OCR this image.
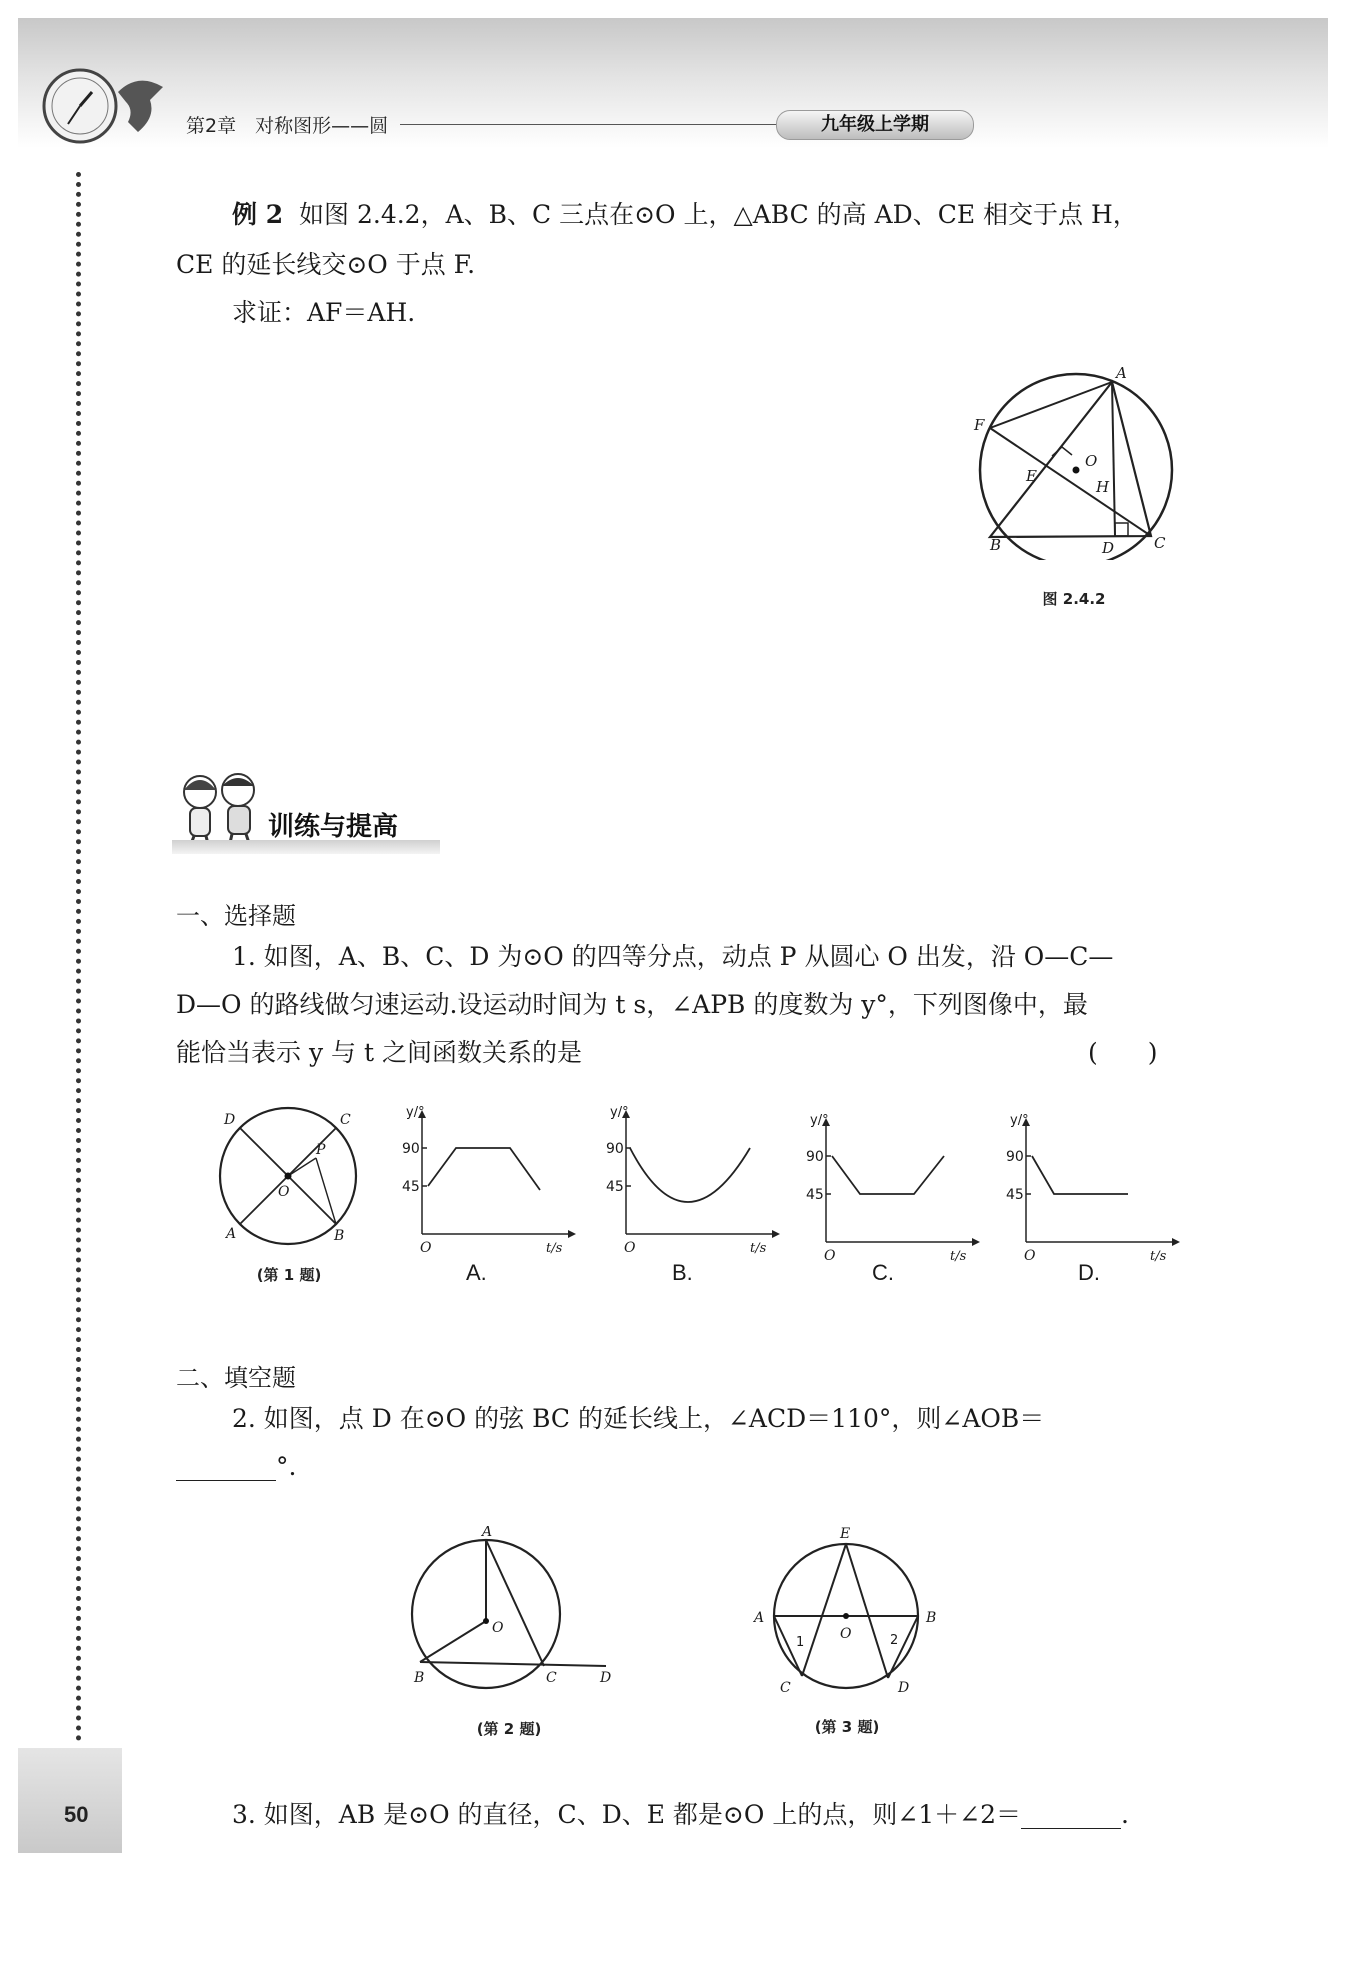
第2章　对称图形——圆	九年级上学期
50
例 2 如图 2.4.2，A、B、C 三点在⊙O 上，△ABC 的高 AD、CE 相交于点 H，
CE 的延长线交⊙O 于点 F.
求证：AF＝AH.
A
F
O
E
H
B	D	C
图 2.4.2
训练与提高
一、选择题
1. 如图，A、B、C、D 为⊙O 的四等分点，动点 P 从圆心 O 出发，沿 O—C—
D—O 的路线做匀速运动.设运动时间为 t s，∠APB 的度数为 y°，下列图像中，最
能恰当表示 y 与 t 之间函数关系的是	(　　)
D	C
P
O
A	B
(第 1 题)
y/°
90
45
O	t/s
A.
y/°
90
45
O	t/s
B.
y/°
90
45
O	t/s
C.
y/°
90
45
O	t/s
D.
二、填空题
2. 如图，点 D 在⊙O 的弦 BC 的延长线上，∠ACD＝110°，则∠AOB＝
________°.
A
O
B	C	D
(第 2 题)
E
A	B
O
1	2
C	D
(第 3 题)
3. 如图，AB 是⊙O 的直径，C、D、E 都是⊙O 上的点，则∠1＋∠2＝________.
